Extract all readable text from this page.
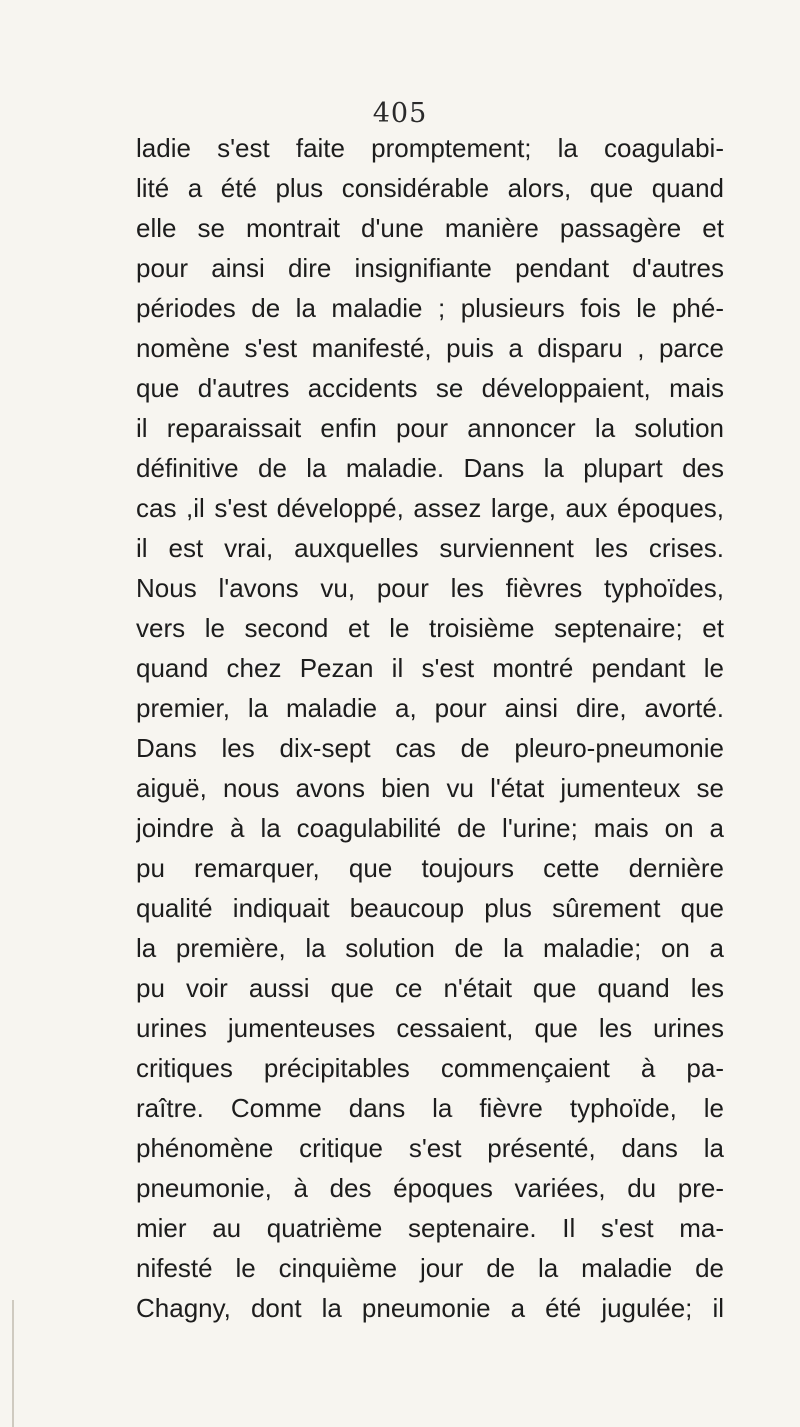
405
ladie s'est faite promptement; la coagulabi-
lité a été plus considérable alors, que quand
elle se montrait d'une manière passagère et
pour ainsi dire insignifiante pendant d'autres
périodes de la maladie ; plusieurs fois le phé-
nomène s'est manifesté, puis a disparu , parce
que d'autres accidents se développaient, mais
il reparaissait enfin pour annoncer la solution
définitive de la maladie. Dans la plupart des
cas ,il s'est développé, assez large, aux époques,
il est vrai, auxquelles surviennent les crises.
Nous l'avons vu, pour les fièvres typhoïdes,
vers le second et le troisième septenaire; et
quand chez Pezan il s'est montré pendant le
premier, la maladie a, pour ainsi dire, avorté.
Dans les dix-sept cas de pleuro-pneumonie
aiguë, nous avons bien vu l'état jumenteux se
joindre à la coagulabilité de l'urine; mais on a
pu remarquer, que toujours cette dernière
qualité indiquait beaucoup plus sûrement que
la première, la solution de la maladie; on a
pu voir aussi que ce n'était que quand les
urines jumenteuses cessaient, que les urines
critiques précipitables commençaient à pa-
raître. Comme dans la fièvre typhoïde, le
phénomène critique s'est présenté, dans la
pneumonie, à des époques variées, du pre-
mier au quatrième septenaire. Il s'est ma-
nifesté le cinquième jour de la maladie de
Chagny, dont la pneumonie a été jugulée; il
